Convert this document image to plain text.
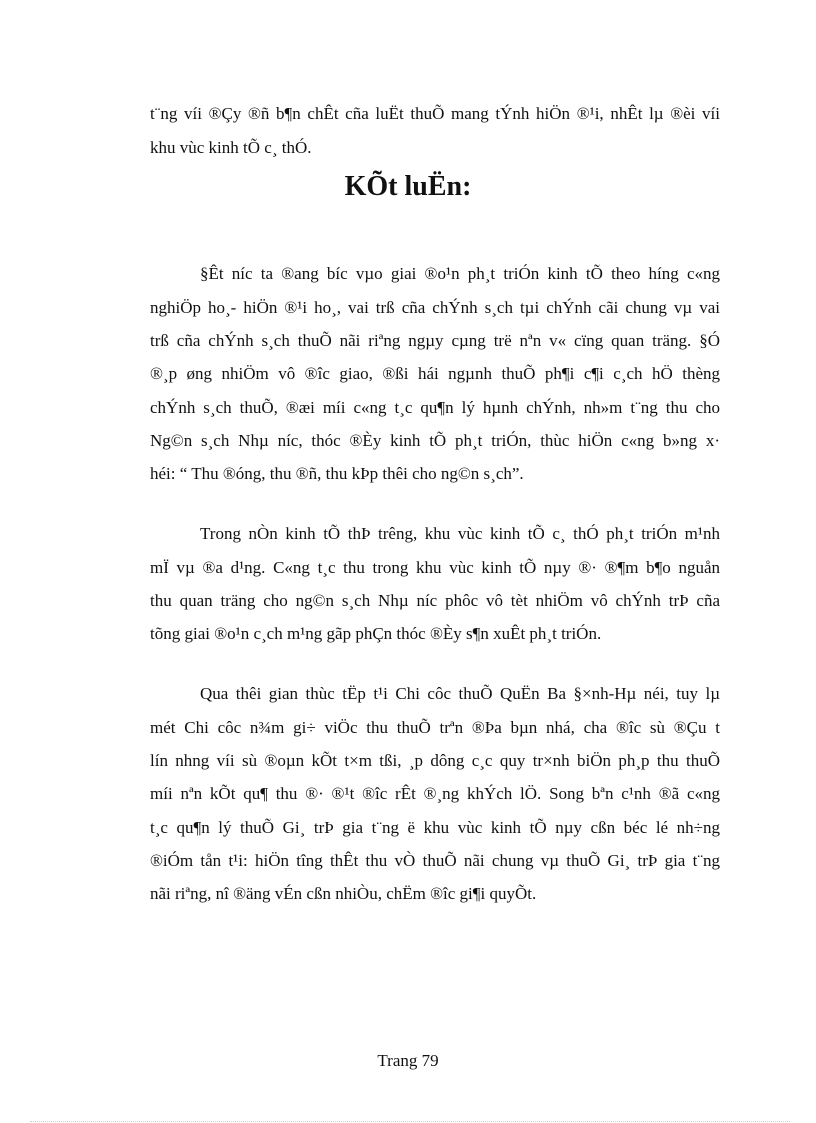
t¨ng víi ®Çy ®ñ b¶n chÊt cña luËt thuÕ mang tÝnh hiÖn ®¹i, nhÊt lµ ®èi víi
khu vùc kinh tÕ c¸ thÓ.
KÕt luËn:
§Êt níc ta ®ang bíc vµo giai ®o¹n ph¸t triÓn kinh tÕ theo híng c«ng
nghiÖp ho¸- hiÖn ®¹i ho¸, vai trß cña chÝnh s¸ch tµi chÝnh cãi chung vµ vai
trß cña chÝnh s¸ch thuÕ nãi riªng ngµy cµng trë nªn v« cïng quan träng. §Ó
®¸p øng nhiÖm vô ®îc giao, ®ßi hái ngµnh thuÕ ph¶i c¶i c¸ch hÖ thèng
chÝnh s¸ch thuÕ, ®æi míi c«ng t¸c qu¶n lý hµnh chÝnh, nh»m t¨ng thu cho
Ng©n s¸ch Nhµ níc, thóc ®Èy kinh tÕ ph¸t triÓn, thùc hiÖn c«ng b»ng x·
héi: “ Thu ®óng, thu ®ñ, thu kÞp thêi cho ng©n s¸ch”.
Trong nÒn kinh tÕ thÞ trêng, khu vùc kinh tÕ c¸ thÓ ph¸t triÓn m¹nh
mÏ vµ ®a d¹ng. C«ng t¸c thu trong khu vùc kinh tÕ nµy ®· ®¶m b¶o nguån
thu quan träng cho ng©n s¸ch Nhµ níc phôc vô tèt nhiÖm vô chÝnh trÞ cña
tõng giai ®o¹n c¸ch m¹ng gãp phÇn thóc ®Èy s¶n xuÊt ph¸t triÓn.
Qua thêi gian thùc tËp t¹i Chi côc thuÕ QuËn Ba §×nh-Hµ néi, tuy lµ
mét Chi côc n¾m gi÷ viÖc thu thuÕ trªn ®Þa bµn nhá, cha ®îc sù ®Çu t
lín nhng víi sù ®oµn kÕt t×m tßi, ¸p dông c¸c quy tr×nh biÖn ph¸p thu thuÕ
míi nªn kÕt qu¶ thu ®· ®¹t ®îc rÊt ®¸ng khÝch lÖ. Song bªn c¹nh ®ã c«ng
t¸c qu¶n lý thuÕ Gi¸ trÞ gia t¨ng ë khu vùc kinh tÕ nµy cßn béc lé nh÷ng
®iÓm tån t¹i: hiÖn tîng thÊt thu vÒ thuÕ nãi chung vµ thuÕ Gi¸ trÞ gia t¨ng
nãi riªng, nî ®äng vÉn cßn nhiÒu, chËm ®îc gi¶i quyÕt.
Trang 79
